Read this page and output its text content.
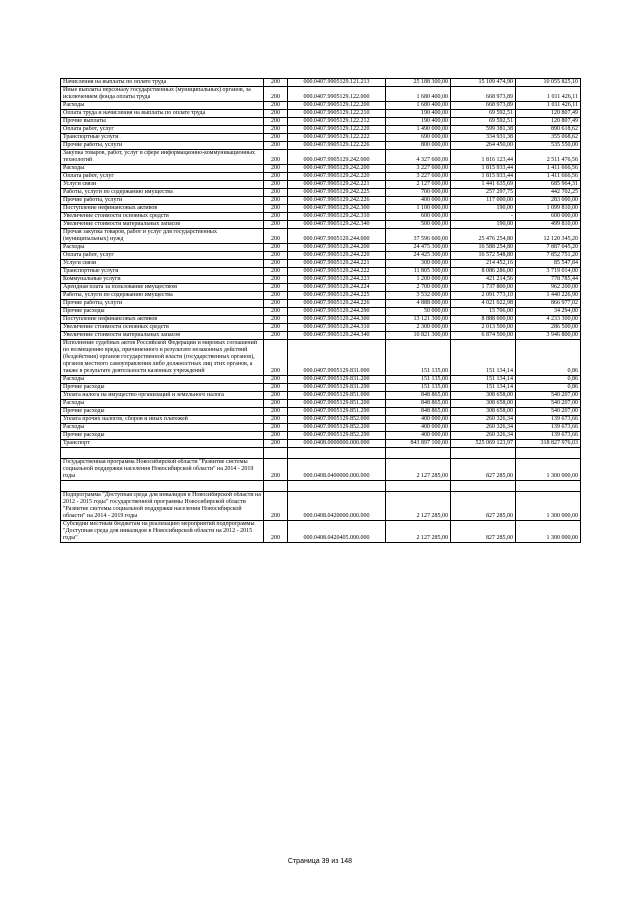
Начисления на выплаты по оплате труда	200	000.0407.9905129.121.213	25 188 300,00	15 109 474,90	10 055 825,10
Иные выплаты персоналу государственных (муниципальных) органов, за исключением фонда оплаты труда	200	000.0407.9905129.122.000	1 680 400,00	668 973,89	1 011 426,11
Расходы	200	000.0407.9905129.122.200	1 680 400,00	668 973,89	1 011 426,11
Оплата труда и начисления на выплаты по оплате труда	200	000.0407.9905129.122.210	190 400,00	69 592,51	120 807,49
Прочие выплаты	200	000.0407.9905129.122.212	190 400,00	69 592,51	120 807,49
Оплата работ, услуг	200	000.0407.9905129.122.220	1 490 000,00	599 381,38	890 618,62
Транспортные услуги	200	000.0407.9905129.122.222	690 000,00	334 931,38	355 068,62
Прочие работы, услуги	200	000.0407.9905129.122.226	800 000,00	264 450,00	535 550,00
Закупка товаров, работ, услуг в сфере информационно-коммуникационных технологий	200	000.0407.9905129.242.000	4 327 600,00	1 816 123,44	2 511 476,56
Расходы	200	000.0407.9905129.242.200	3 227 600,00	1 815 933,44	1 411 666,56
Оплата работ, услуг	200	000.0407.9905129.242.220	3 227 600,00	1 815 933,44	1 411 666,56
Услуги связи	200	000.0407.9905129.242.221	2 127 600,00	1 441 635,69	685 964,31
Работы, услуги по содержанию имущества	200	000.0407.9905129.242.225	700 000,00	257 297,75	442 702,25
Прочие работы, услуги	200	000.0407.9905129.242.226	400 000,00	117 000,00	283 000,00
Поступление нефинансовых активов	200	000.0407.9905129.242.300	1 100 000,00	190,00	1 099 810,00
Увеличение стоимости основных средств	200	000.0407.9905129.242.310	600 000,00	-	600 000,00
Увеличение стоимости материальных запасов	200	000.0407.9905129.242.340	500 000,00	190,00	499 810,00
Прочая закупка товаров, работ и услуг для государственных (муниципальных) нужд	200	000.0407.9905129.244.000	37 596 600,00	25 476 254,80	12 120 345,20
Расходы	200	000.0407.9905129.244.200	24 475 300,00	16 588 254,80	7 887 045,20
Оплата работ, услуг	200	000.0407.9905129.244.220	24 425 300,00	16 572 548,80	7 852 751,20
Услуги связи	200	000.0407.9905129.244.221	300 000,00	214 452,16	85 547,84
Транспортные услуги	200	000.0407.9905129.244.222	11 805 300,00	8 086 286,00	3 719 014,00
Коммунальные услуги	200	000.0407.9905129.244.223	1 200 000,00	421 214,56	778 785,44
Арендная плата за пользование имуществом	200	000.0407.9905129.244.224	2 700 000,00	1 737 800,00	962 200,00
Работы, услуги по содержанию имущества	200	000.0407.9905129.244.225	3 532 000,00	2 091 773,10	1 440 226,90
Прочие работы, услуги	200	000.0407.9905129.244.226	4 888 000,00	4 021 022,98	866 977,02
Прочие расходы	200	000.0407.9905129.244.290	50 000,00	15 706,00	34 294,00
Поступление нефинансовых активов	200	000.0407.9905129.244.300	13 121 300,00	8 888 000,00	4 233 300,00
Увеличение стоимости основных средств	200	000.0407.9905129.244.310	2 300 000,00	2 013 500,00	286 500,00
Увеличение стоимости материальных запасов	200	000.0407.9905129.244.340	10 821 300,00	6 874 500,00	3 946 800,00
Исполнение судебных актов Российской Федерации и мировых соглашений по возмещению вреда, причиненного в результате незаконных действий (бездействия) органов государственной власти (государственных органов), органов местного самоуправления либо должностных лиц этих органов, а также в результате деятельности казенных учреждений	200	000.0407.9905129.831.000	151 135,00	151 134,14	0,86
Расходы	200	000.0407.9905129.831.200	151 135,00	151 134,14	0,86
Прочие расходы	200	000.0407.9905129.831.290	151 135,00	151 134,14	0,86
Уплата налога на имущество организаций и земельного налога	200	000.0407.9905129.851.000	848 865,00	308 658,00	540 207,00
Расходы	200	000.0407.9905129.851.200	848 865,00	308 658,00	540 207,00
Прочие расходы	200	000.0407.9905129.851.290	848 865,00	308 658,00	540 207,00
Уплата прочих налогов, сборов и иных платежей	200	000.0407.9905129.852.000	400 000,00	260 326,34	139 673,66
Расходы	200	000.0407.9905129.852.200	400 000,00	260 326,34	139 673,66
Прочие расходы	200	000.0407.9905129.852.290	400 000,00	260 326,34	139 673,66
Транспорт	200	000.0408.0000000.000.000	843 897 100,00	525 069 123,97	318 827 976,03

Государственная программа Новосибирской области "Развитие системы социальной поддержки населения Новосибирской области" на 2014 - 2019 годы	200	000.0408.0400000.000.000	2 127 285,00	827 285,00	1 300 000,00

Подпрограмма "Доступная среда для инвалидов в Новосибирской области на 2012 - 2015 годы" государственной программы Новосибирской области "Развитие системы социальной поддержки населения Новосибирской области" на 2014 - 2019 годы	200	000.0408.0420000.000.000	2 127 285,00	827 285,00	1 300 000,00
Субсидии местным бюджетам на реализацию мероприятий подпрограммы "Доступная среда для инвалидов в Новосибирской области на 2012 - 2015 годы"	200	000.0408.0420405.000.000	2 127 285,00	827 285,00	1 300 000,00
Страница 39 из 148
